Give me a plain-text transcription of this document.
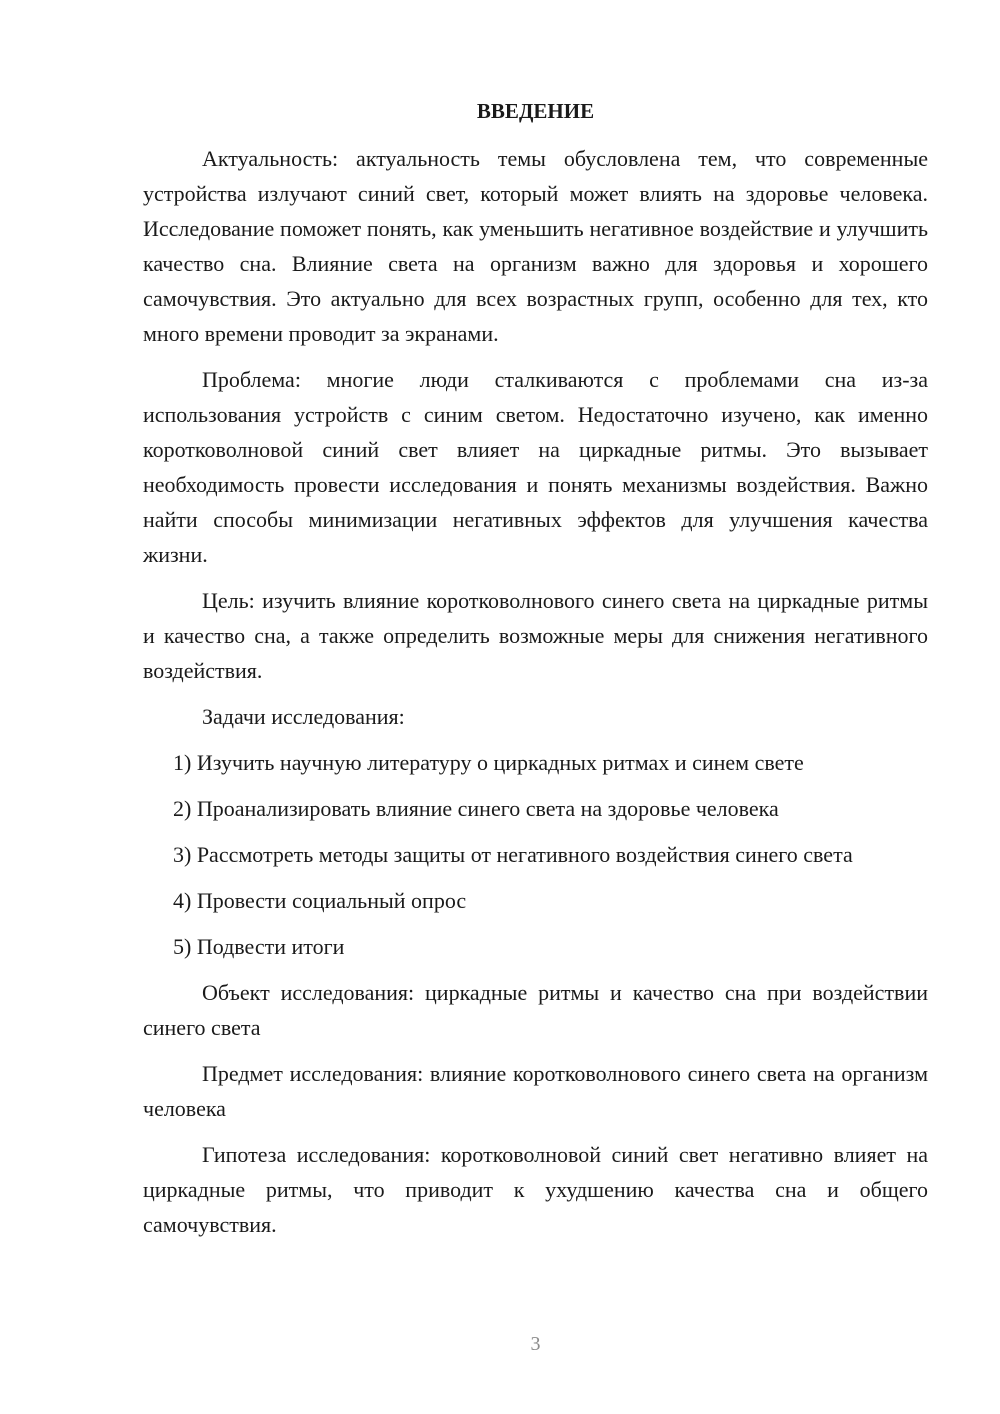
ВВЕДЕНИЕ

Актуальность: актуальность темы обусловлена тем, что современные устройства излучают синий свет, который может влиять на здоровье человека. Исследование поможет понять, как уменьшить негативное воздействие и улучшить качество сна. Влияние света на организм важно для здоровья и хорошего самочувствия. Это актуально для всех возрастных групп, особенно для тех, кто много времени проводит за экранами.

Проблема: многие люди сталкиваются с проблемами сна из-за использования устройств с синим светом. Недостаточно изучено, как именно коротковолновой синий свет влияет на циркадные ритмы. Это вызывает необходимость провести исследования и понять механизмы воздействия. Важно найти способы минимизации негативных эффектов для улучшения качества жизни.

Цель: изучить влияние коротковолнового синего света на циркадные ритмы и качество сна, а также определить возможные меры для снижения негативного воздействия.

Задачи исследования:

1) Изучить научную литературу о циркадных ритмах и синем свете

2) Проанализировать влияние синего света на здоровье человека

3) Рассмотреть методы защиты от негативного воздействия синего света

4) Провести социальный опрос

5) Подвести итоги

Объект исследования: циркадные ритмы и качество сна при воздействии синего света

Предмет исследования: влияние коротковолнового синего света на организм человека

Гипотеза исследования: коротковолновой синий свет негативно влияет на циркадные ритмы, что приводит к ухудшению качества сна и общего самочувствия.

3
